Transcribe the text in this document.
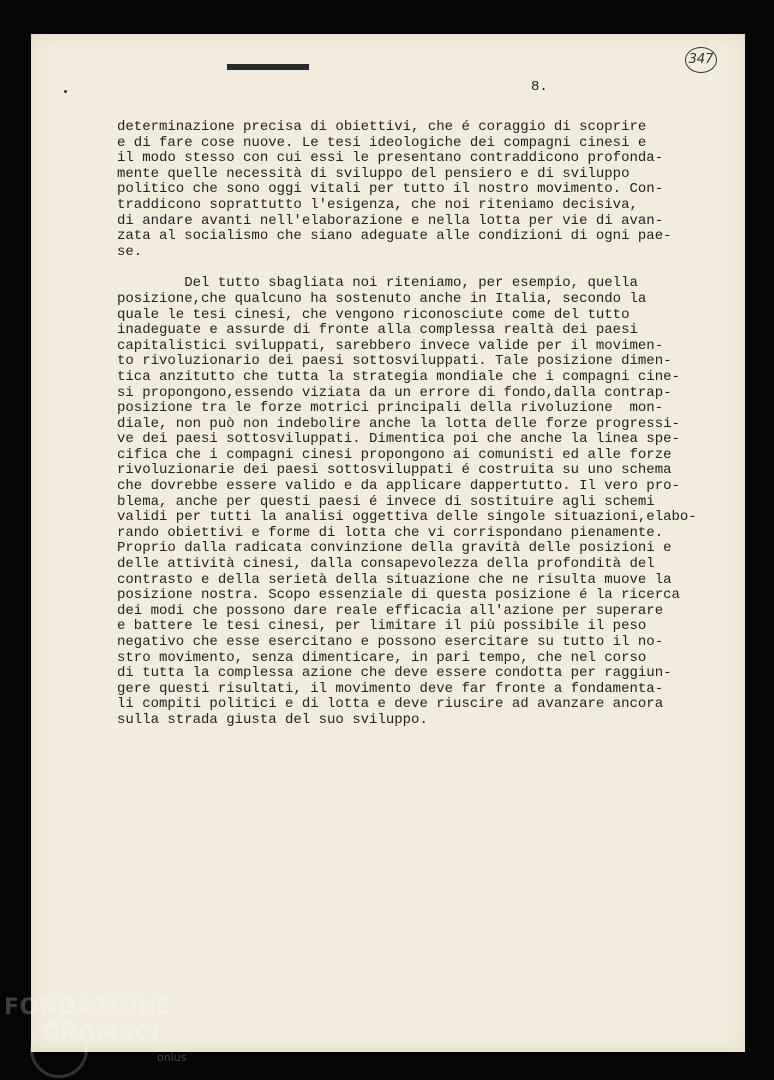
347
8.
determinazione precisa di obiettivi, che é coraggio di scoprire
e di fare cose nuove. Le tesi ideologiche dei compagni cinesi e
il modo stesso con cui essi le presentano contraddicono profonda-
mente quelle necessità di sviluppo del pensiero e di sviluppo
politico che sono oggi vitali per tutto il nostro movimento. Con-
traddicono soprattutto l'esigenza, che noi riteniamo decisiva,
di andare avanti nell'elaborazione e nella lotta per vie di avan-
zata al socialismo che siano adeguate alle condizioni di ogni pae-
se.
Del tutto sbagliata noi riteniamo, per esempio, quella
posizione,che qualcuno ha sostenuto anche in Italia, secondo la
quale le tesi cinesi, che vengono riconosciute come del tutto
inadeguate e assurde di fronte alla complessa realtà dei paesi
capitalistici sviluppati, sarebbero invece valide per il movimen-
to rivoluzionario dei paesi sottosviluppati. Tale posizione dimen-
tica anzitutto che tutta la strategia mondiale che i compagni cine-
si propongono,essendo viziata da un errore di fondo,dalla contrap-
posizione tra le forze motrici principali della rivoluzione  mon-
diale, non può non indebolire anche la lotta delle forze progressi-
ve dei paesi sottosviluppati. Dimentica poi che anche la linea spe-
cifica che i compagni cinesi propongono ai comunisti ed alle forze
rivoluzionarie dei paesi sottosviluppati é costruita su uno schema
che dovrebbe essere valido e da applicare dappertutto. Il vero pro-
blema, anche per questi paesi é invece di sostituire agli schemi
validi per tutti la analisi oggettiva delle singole situazioni,elabo-
rando obiettivi e forme di lotta che vi corrispondano pienamente.
Proprio dalla radicata convinzione della gravità delle posizioni e
delle attività cinesi, dalla consapevolezza della profondità del
contrasto e della serietà della situazione che ne risulta muove la
posizione nostra. Scopo essenziale di questa posizione é la ricerca
dei modi che possono dare reale efficacia all'azione per superare
e battere le tesi cinesi, per limitare il più possibile il peso
negativo che esse esercitano e possono esercitare su tutto il no-
stro movimento, senza dimenticare, in pari tempo, che nel corso
di tutta la complessa azione che deve essere condotta per raggiun-
gere questi risultati, il movimento deve far fronte a fondamenta-
li compiti politici e di lotta e deve riuscire ad avanzare ancora
sulla strada giusta del suo sviluppo.
FONDAZIONE
GRAMSCI
onlus
